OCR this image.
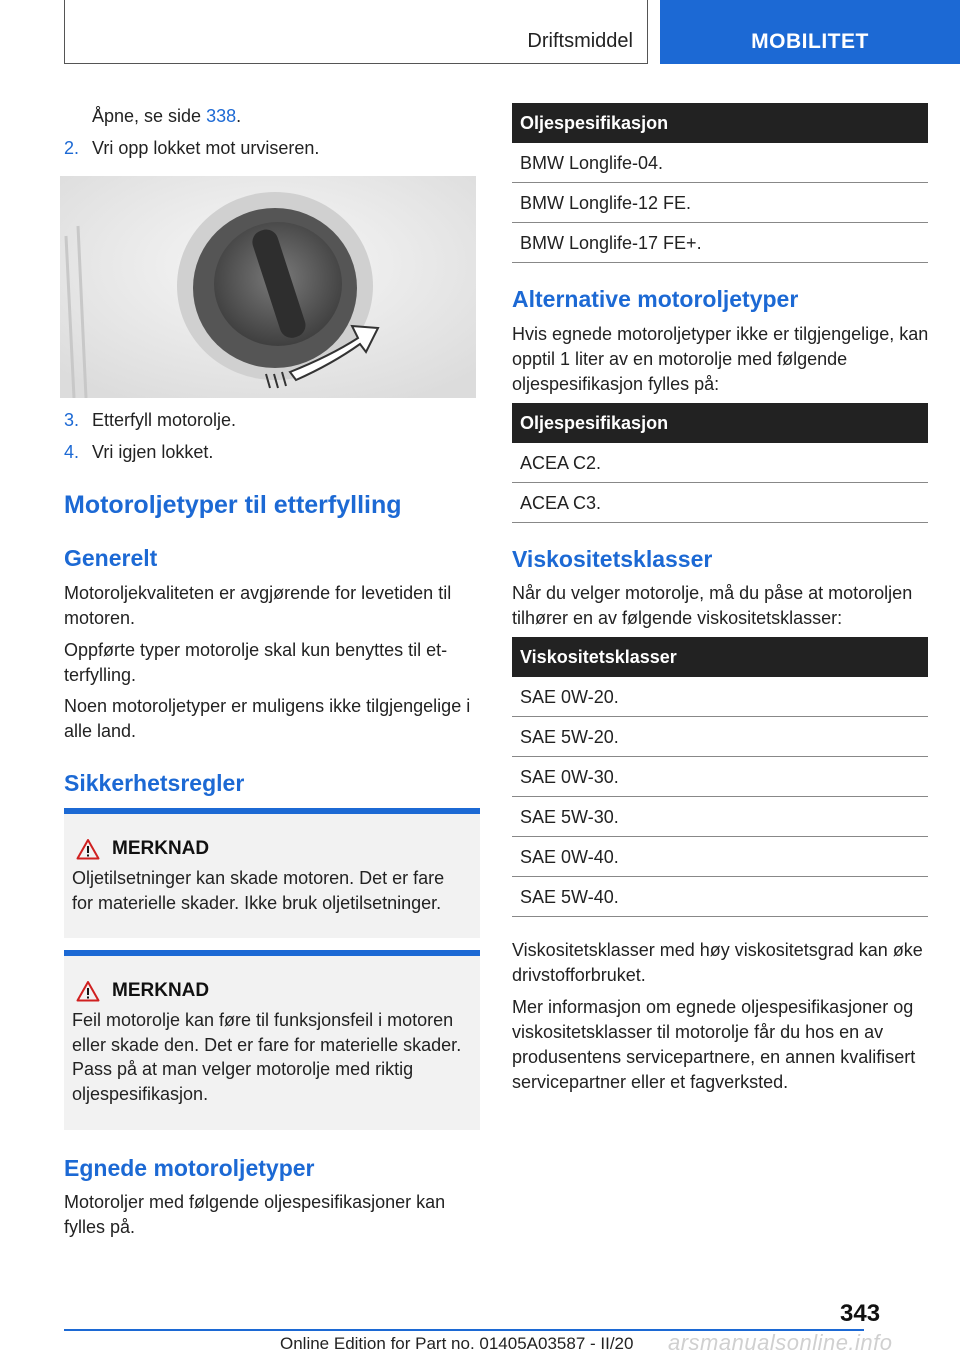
Driftsmiddel	MOBILITET

Åpne, se side 338.

2. Vri opp lokket mot urviseren.

3. Etterfyll motorolje.

4. Vri igjen lokket.

Motoroljetyper til etterfylling
Generelt

Motoroljekvaliteten er avgjørende for levetiden til motoren.

Oppførte typer motorolje skal kun benyttes til etterfylling.

Noen motoroljetyper er muligens ikke tilgjengelige i alle land.

Sikkerhetsregler
MERKNAD

Oljetilsetninger kan skade motoren. Det er fare for materielle skader. Ikke bruk oljetilsetninger.

MERKNAD

Feil motorolje kan føre til funksjonsfeil i motoren eller skade den. Det er fare for materielle skader. Pass på at man velger motorolje med riktig oljespesifikasjon.

Egnede motoroljetyper

Motoroljer med følgende oljespesifikasjoner kan fylles på.

Oljespesifikasjon
BMW Longlife-04.
BMW Longlife-12 FE.
BMW Longlife-17 FE+.
Alternative motoroljetyper

Hvis egnede motoroljetyper ikke er tilgjengelige, kan opptil 1 liter av en motorolje med følgende oljespesifikasjon fylles på:

Oljespesifikasjon
ACEA C2.
ACEA C3.
Viskositetsklasser

Når du velger motorolje, må du påse at motoroljen tilhører en av følgende viskositetsklasser:

Viskositetsklasser
SAE 0W-20.
SAE 5W-20.
SAE 0W-30.
SAE 5W-30.
SAE 0W-40.
SAE 5W-40.

Viskositetsklasser med høy viskositetsgrad kan øke drivstofforbruket.

Mer informasjon om egnede oljespesifikasjoner og viskositetsklasser til motorolje får du hos en av produsentens servicepartnere, en annen kvalifisert servicepartner eller et fagverksted.

343
Online Edition for Part no. 01405A03587 - II/20 arsmanualsonline.info
